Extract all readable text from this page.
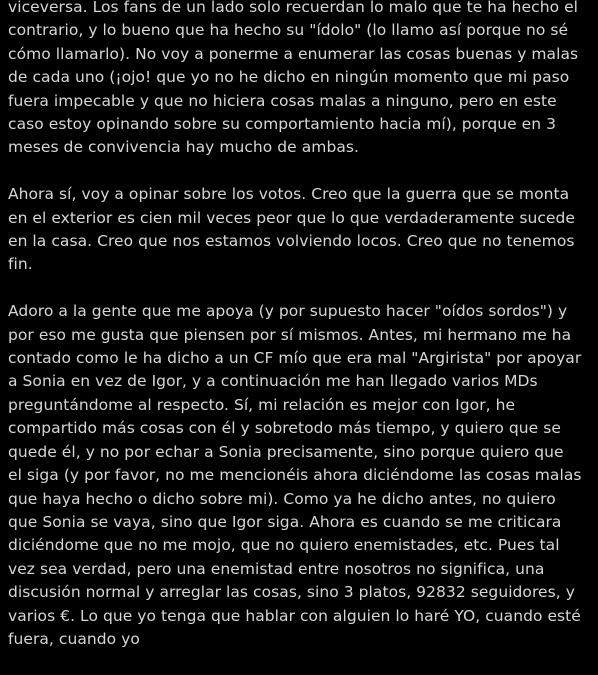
viceversa. Los fans de un lado solo recuerdan lo malo que te ha hecho el
contrario, y lo bueno que ha hecho su "ídolo" (lo llamo así porque no sé
cómo llamarlo). No voy a ponerme a enumerar las cosas buenas y malas
de cada uno (¡ojo! que yo no he dicho en ningún momento que mi paso
fuera impecable y que no hiciera cosas malas a ninguno, pero en este
caso estoy opinando sobre su comportamiento hacia mí), porque en 3
meses de convivencia hay mucho de ambas.

Ahora sí, voy a opinar sobre los votos. Creo que la guerra que se monta
en el exterior es cien mil veces peor que lo que verdaderamente sucede
en la casa. Creo que nos estamos volviendo locos. Creo que no tenemos
fin.

Adoro a la gente que me apoya (y por supuesto hacer "oídos sordos") y
por eso me gusta que piensen por sí mismos. Antes, mi hermano me ha
contado como le ha dicho a un CF mío que era mal "Argirista" por apoyar
a Sonia en vez de Igor, y a continuación me han llegado varios MDs
preguntándome al respecto. Sí, mi relación es mejor con Igor, he
compartido más cosas con él y sobretodo más tiempo, y quiero que se
quede él, y no por echar a Sonia precisamente, sino porque quiero que
el siga (y por favor, no me mencionéis ahora diciéndome las cosas malas
que haya hecho o dicho sobre mi). Como ya he dicho antes, no quiero
que Sonia se vaya, sino que Igor siga. Ahora es cuando se me criticara
diciéndome que no me mojo, que no quiero enemistades, etc. Pues tal
vez sea verdad, pero una enemistad entre nosotros no significa, una
discusión normal y arreglar las cosas, sino 3 platos, 92832 seguidores, y
varios €. Lo que yo tenga que hablar con alguien lo haré YO, cuando esté
fuera, cuando yo
